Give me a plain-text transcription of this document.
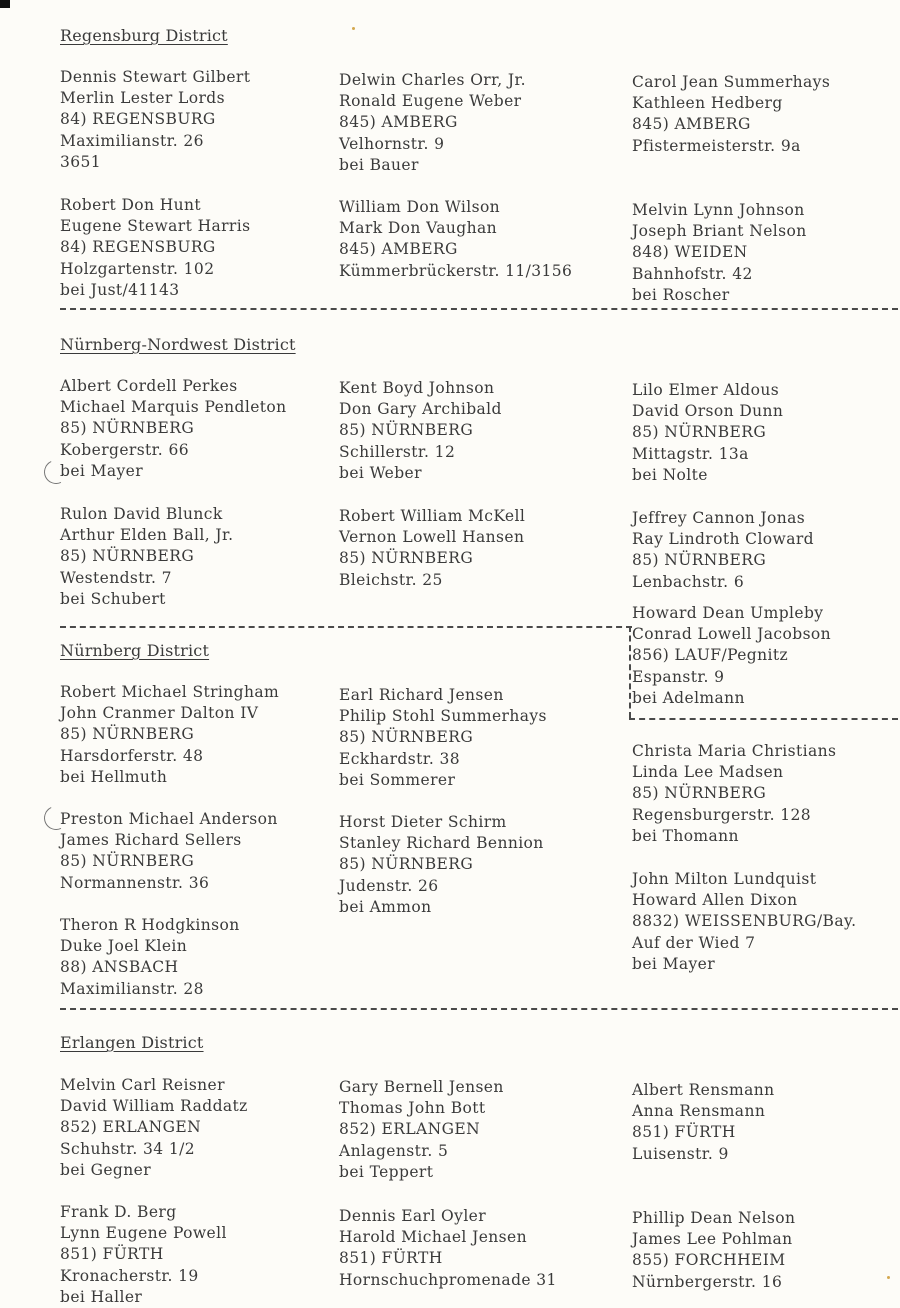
Regensburg District
Dennis Stewart Gilbert
Merlin Lester Lords
84) REGENSBURG
Maximilianstr. 26
3651
Delwin Charles Orr, Jr.
Ronald Eugene Weber
845) AMBERG
Velhornstr. 9
bei Bauer
Carol Jean Summerhays
Kathleen Hedberg
845) AMBERG
Pfistermeisterstr. 9a
Robert Don Hunt
Eugene Stewart Harris
84) REGENSBURG
Holzgartenstr. 102
bei Just/41143
William Don Wilson
Mark Don Vaughan
845) AMBERG
Kümmerbrückerstr. 11/3156
Melvin Lynn Johnson
Joseph Briant Nelson
848) WEIDEN
Bahnhofstr. 42
bei Roscher
Nürnberg-Nordwest District
Albert Cordell Perkes
Michael Marquis Pendleton
85) NÜRNBERG
Kobergerstr. 66
bei Mayer
Kent Boyd Johnson
Don Gary Archibald
85) NÜRNBERG
Schillerstr. 12
bei Weber
Lilo Elmer Aldous
David Orson Dunn
85) NÜRNBERG
Mittagstr. 13a
bei Nolte
Rulon David Blunck
Arthur Elden Ball, Jr.
85) NÜRNBERG
Westendstr. 7
bei Schubert
Robert William McKell
Vernon Lowell Hansen
85) NÜRNBERG
Bleichstr. 25
Jeffrey Cannon Jonas
Ray Lindroth Cloward
85) NÜRNBERG
Lenbachstr. 6
Howard Dean Umpleby
Conrad Lowell Jacobson
856) LAUF/Pegnitz
Espanstr. 9
bei Adelmann
Nürnberg District
Robert Michael Stringham
John Cranmer Dalton IV
85) NÜRNBERG
Harsdorferstr. 48
bei Hellmuth
Earl Richard Jensen
Philip Stohl Summerhays
85) NÜRNBERG
Eckhardstr. 38
bei Sommerer
Christa Maria Christians
Linda Lee Madsen
85) NÜRNBERG
Regensburgerstr. 128
bei Thomann
Preston Michael Anderson
James Richard Sellers
85) NÜRNBERG
Normannenstr. 36
Horst Dieter Schirm
Stanley Richard Bennion
85) NÜRNBERG
Judenstr. 26
bei Ammon
John Milton Lundquist
Howard Allen Dixon
8832) WEISSENBURG/Bay.
Auf der Wied 7
bei Mayer
Theron R Hodgkinson
Duke Joel Klein
88) ANSBACH
Maximilianstr. 28
Erlangen District
Melvin Carl Reisner
David William Raddatz
852) ERLANGEN
Schuhstr. 34 1/2
bei Gegner
Gary Bernell Jensen
Thomas John Bott
852) ERLANGEN
Anlagenstr. 5
bei Teppert
Albert Rensmann
Anna Rensmann
851) FÜRTH
Luisenstr. 9
Frank D. Berg
Lynn Eugene Powell
851) FÜRTH
Kronacherstr. 19
bei Haller
Dennis Earl Oyler
Harold Michael Jensen
851) FÜRTH
Hornschuchpromenade 31
Phillip Dean Nelson
James Lee Pohlman
855) FORCHHEIM
Nürnbergerstr. 16
